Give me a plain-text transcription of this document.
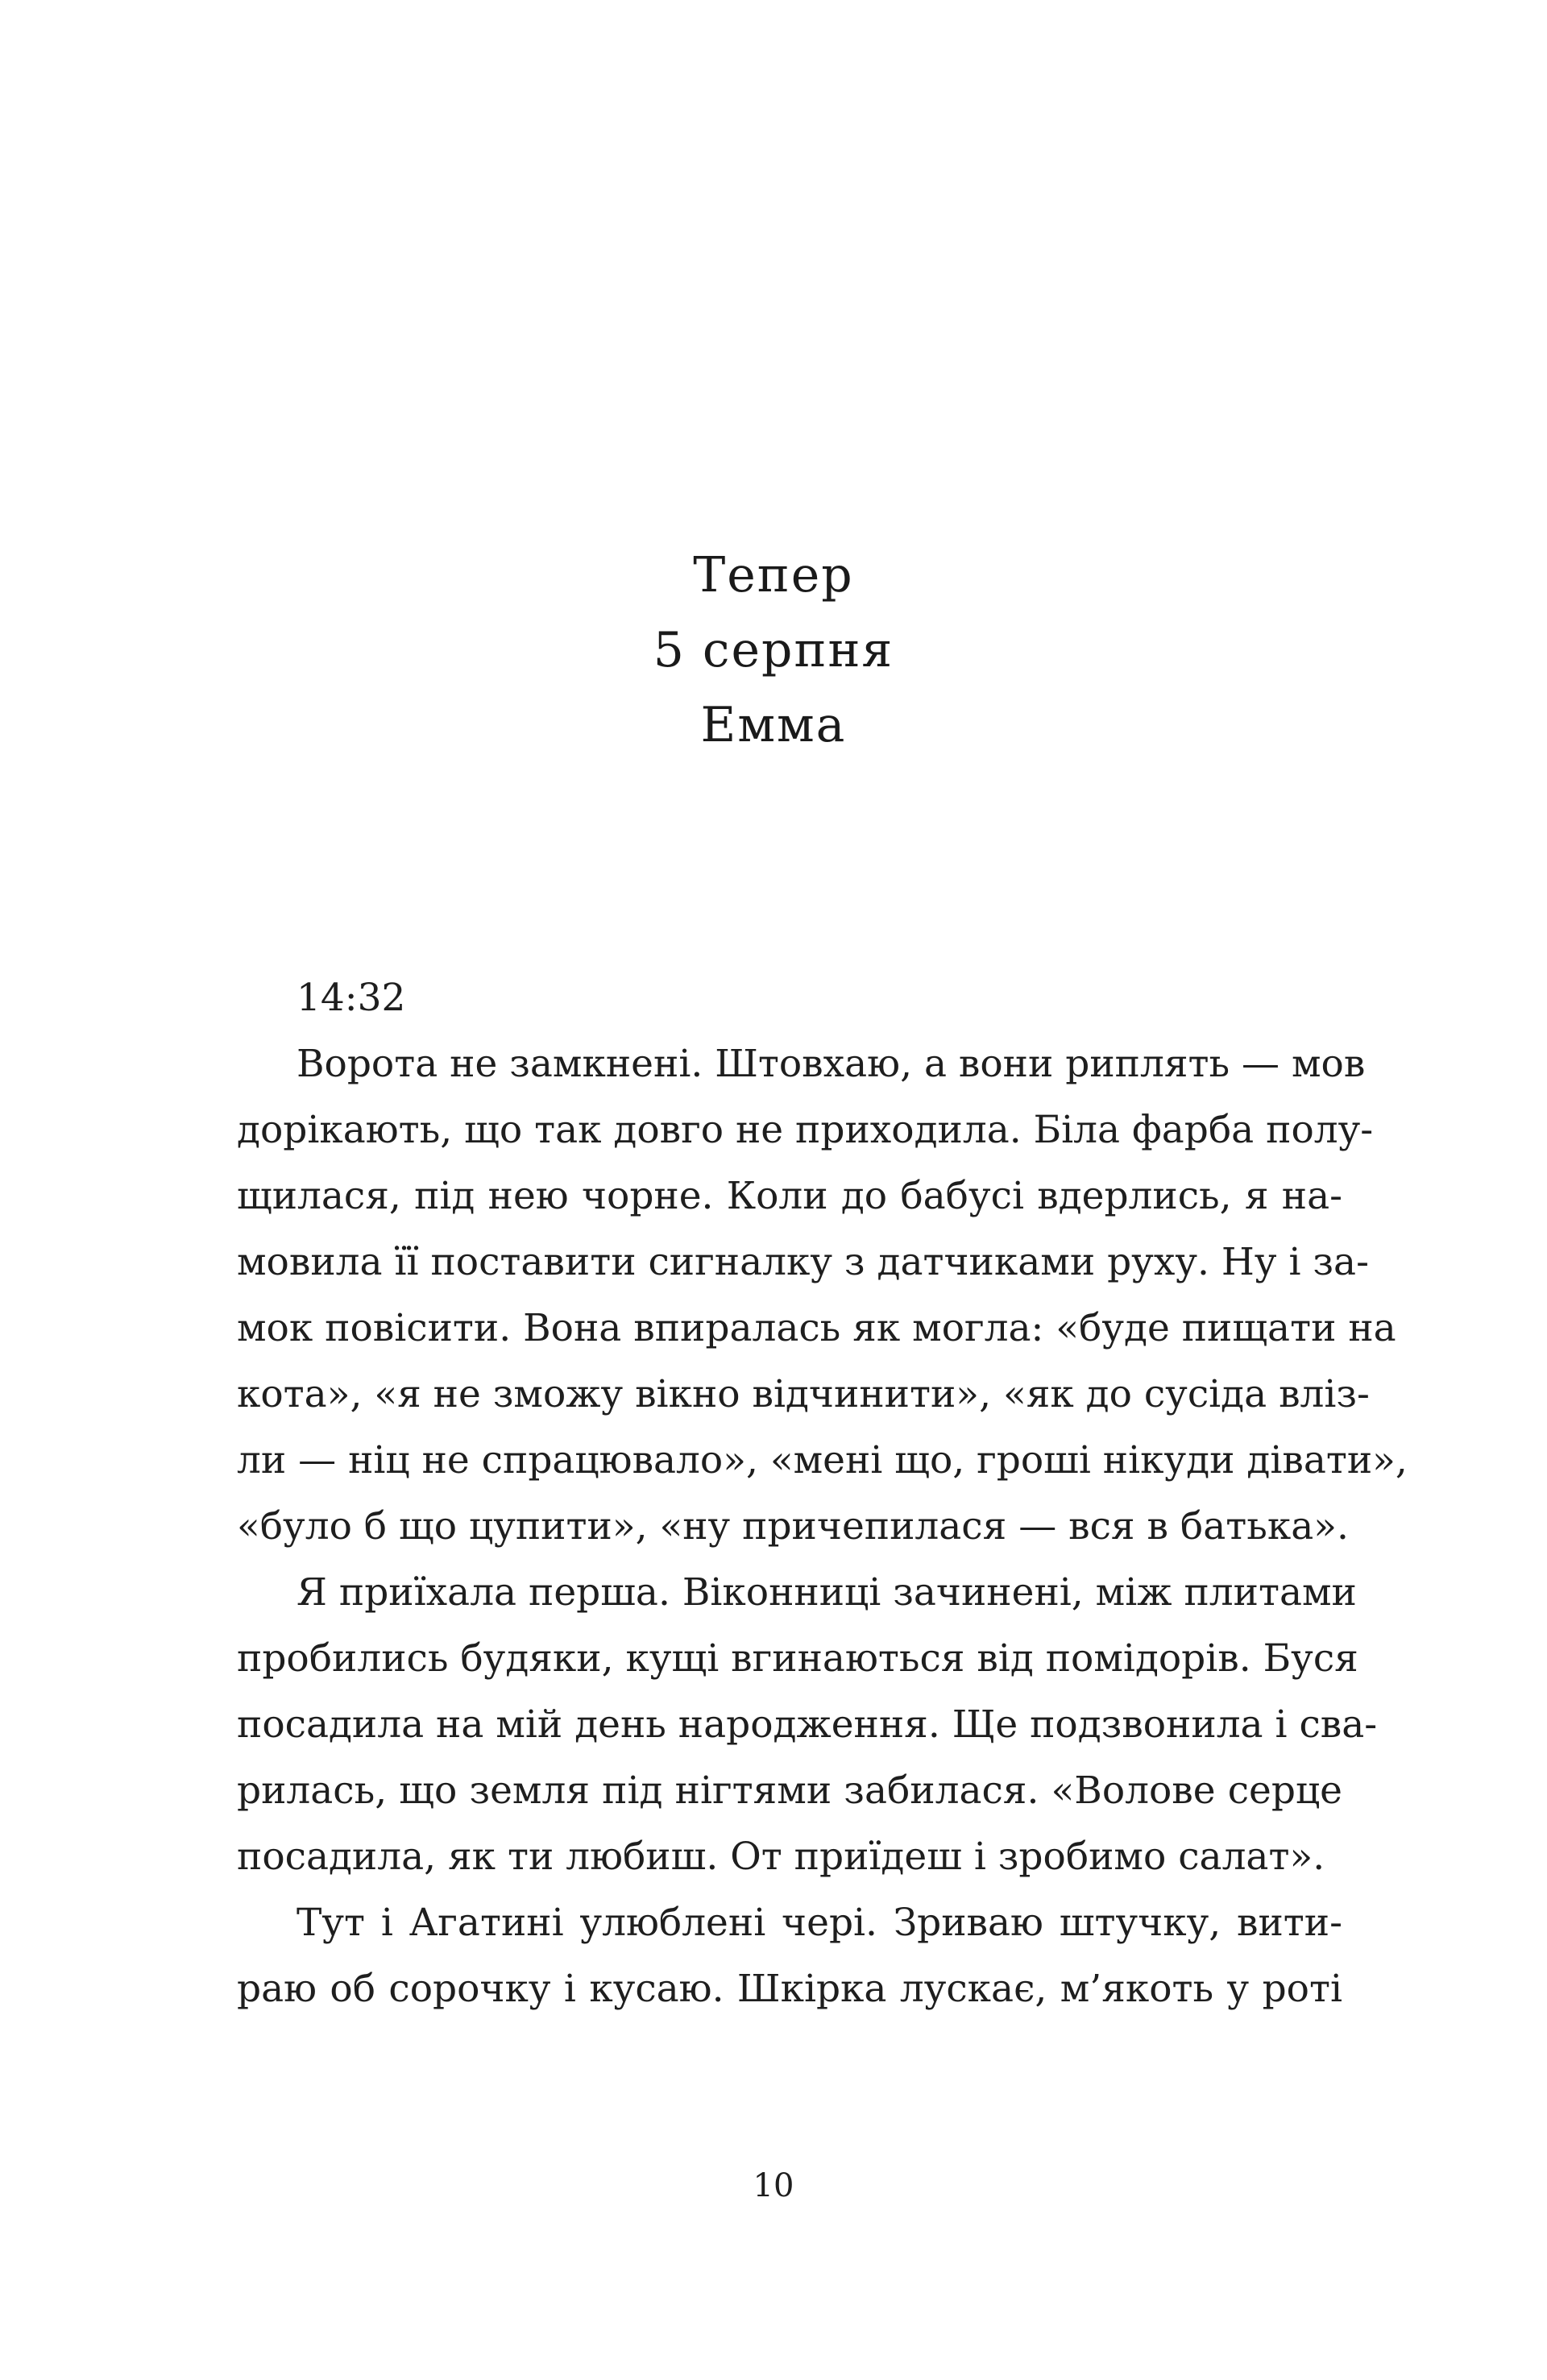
Тепер
5 серпня
Емма
14:32
Ворота не замкнені. Штовхаю, а вони риплять — мов
дорікають, що так довго не приходила. Біла фарба полу-
щилася, під нею чорне. Коли до бабусі вдерлись, я на-
мовила її поставити сигналку з датчиками руху. Ну і за-
мок повісити. Вона впиралась як могла: «буде пищати на
кота», «я не зможу вікно відчинити», «як до сусіда вліз-
ли — ніц не спрацювало», «мені що, гроші нікуди дівати»,
«було б що цупити», «ну причепилася — вся в батька».
Я приїхала перша. Віконниці зачинені, між плитами
пробились будяки, кущі вгинаються від помідорів. Буся
посадила на мій день народження. Ще подзвонила і сва-
рилась, що земля під нігтями забилася. «Волове серце
посадила, як ти любиш. От приїдеш і зробимо салат».
Тут і Агатині улюблені чері. Зриваю штучку, вити-
раю об сорочку і кусаю. Шкірка лускає, м’якоть у роті
10
